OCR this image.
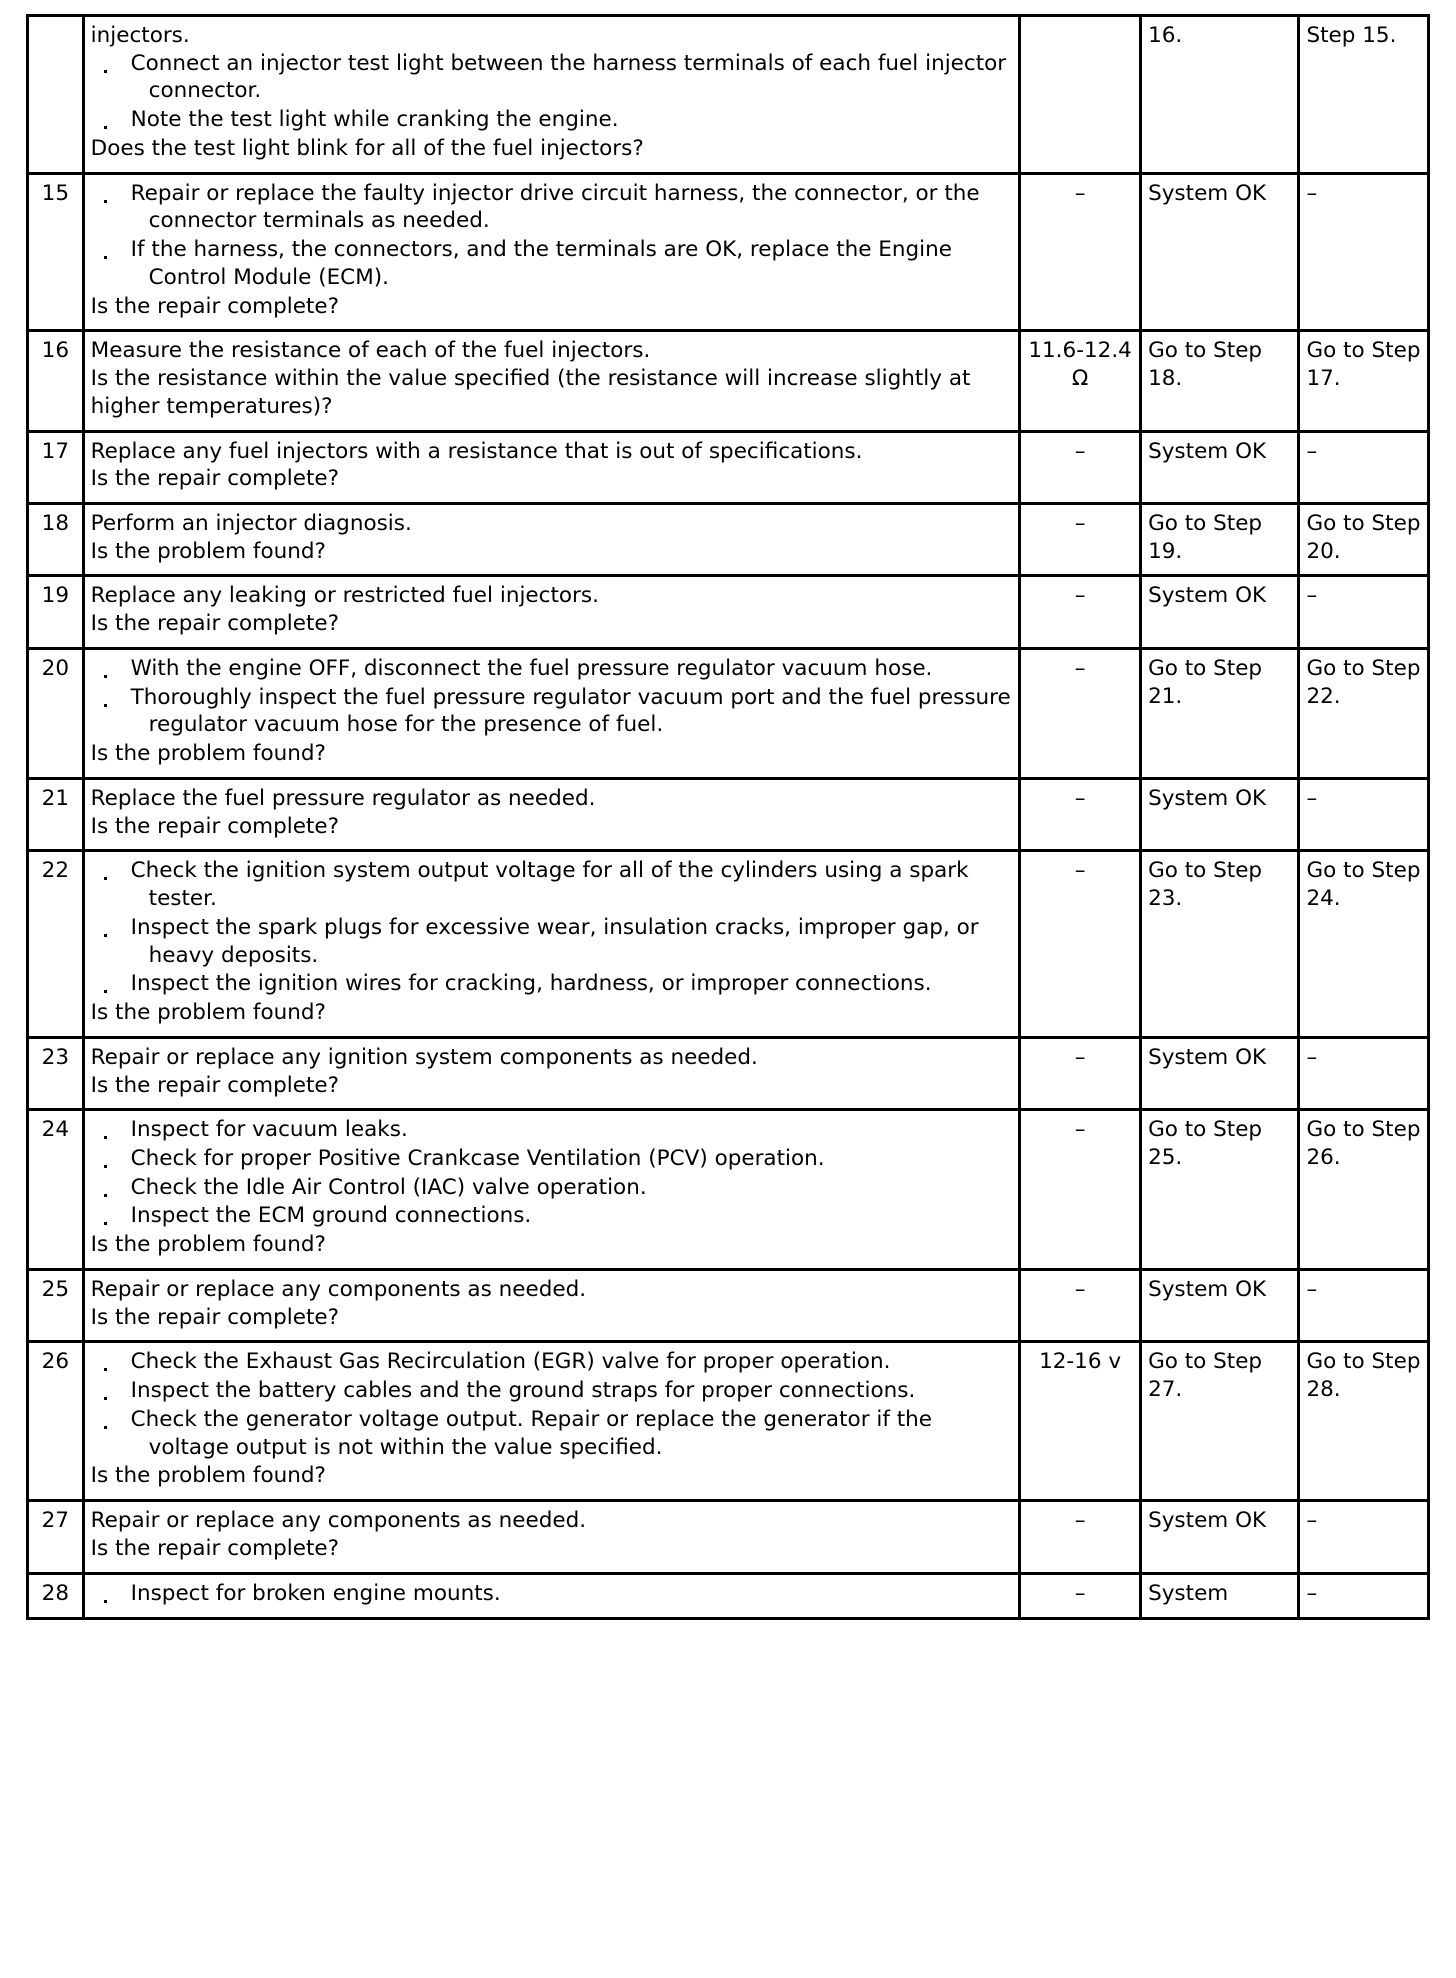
injectors.

Connect an injector test light between the harness terminals of each fuel injector connector.
Note the test light while cranking the engine.

Does the test light blink for all of the fuel injectors?

		16.	Step 15.
15	Repair or replace the faulty injector drive circuit harness, the connector, or the connector terminals as needed.
If the harness, the connectors, and the terminals are OK, replace the Engine Control Module (ECM).

Is the repair complete?

	–	System OK	–
16	Measure the resistance of each of the fuel injectors.

Is the resistance within the value specified (the resistance will increase slightly at higher temperatures)?	11.6-12.4 Ω	Go to Step 18.	Go to Step 17.
17	Replace any fuel injectors with a resistance that is out of specifications.

Is the repair complete?	–	System OK	–
18	Perform an injector diagnosis.

Is the problem found?	–	Go to Step 19.	Go to Step 20.
19	Replace any leaking or restricted fuel injectors.

Is the repair complete?	–	System OK	–
20	With the engine OFF, disconnect the fuel pressure regulator vacuum hose.
Thoroughly inspect the fuel pressure regulator vacuum port and the fuel pressure regulator vacuum hose for the presence of fuel.

Is the problem found?

	–	Go to Step 21.	Go to Step 22.
21	Replace the fuel pressure regulator as needed.

Is the repair complete?	–	System OK	–
22	Check the ignition system output voltage for all of the cylinders using a spark tester.
Inspect the spark plugs for excessive wear, insulation cracks, improper gap, or heavy deposits.
Inspect the ignition wires for cracking, hardness, or improper connections.

Is the problem found?

	–	Go to Step 23.	Go to Step 24.
23	Repair or replace any ignition system components as needed.

Is the repair complete?	–	System OK	–
24	Inspect for vacuum leaks.
Check for proper Positive Crankcase Ventilation (PCV) operation.
Check the Idle Air Control (IAC) valve operation.
Inspect the ECM ground connections.

Is the problem found?

	–	Go to Step 25.	Go to Step 26.
25	Repair or replace any components as needed.

Is the repair complete?	–	System OK	–
26	Check the Exhaust Gas Recirculation (EGR) valve for proper operation.
Inspect the battery cables and the ground straps for proper connections.
Check the generator voltage output. Repair or replace the generator if the voltage output is not within the value specified.

Is the problem found?

	12-16 v	Go to Step 27.	Go to Step 28.
27	Repair or replace any components as needed.

Is the repair complete?	–	System OK	–
28	Inspect for broken engine mounts.	–	System	–
